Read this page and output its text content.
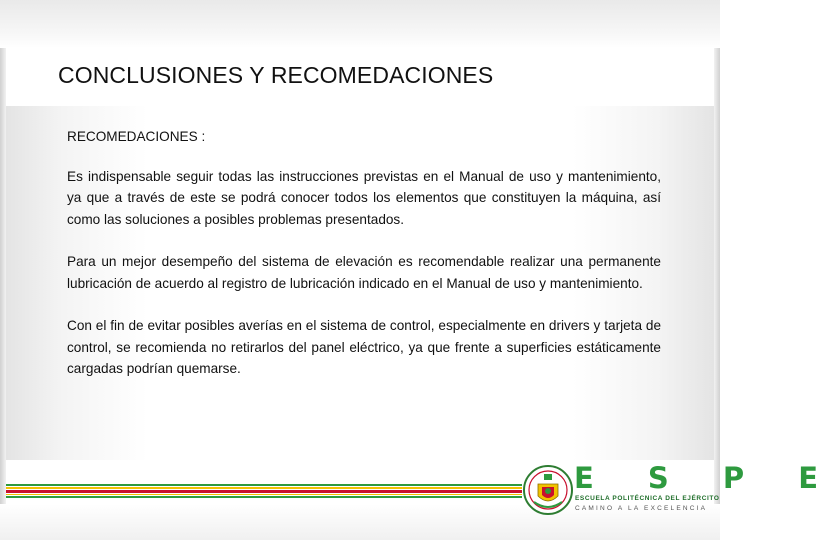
CONCLUSIONES Y RECOMEDACIONES

RECOMEDACIONES :

Es indispensable seguir todas las instrucciones previstas en el Manual de uso y mantenimiento, ya que a través de este se podrá conocer todos los elementos que constituyen la máquina, así como las soluciones a posibles problemas presentados.

Para un mejor desempeño del sistema de elevación es recomendable realizar una permanente lubricación de acuerdo al registro de lubricación indicado en el Manual de uso y mantenimiento.

Con el fin de evitar posibles averías en el sistema de control, especialmente en drivers y tarjeta de control, se recomienda no retirarlos del panel eléctrico, ya que frente a superficies estáticamente cargadas podrían quemarse.

E S P E
ESCUELA POLITÉCNICA DEL EJÉRCITO
CAMINO A LA EXCELENCIA
